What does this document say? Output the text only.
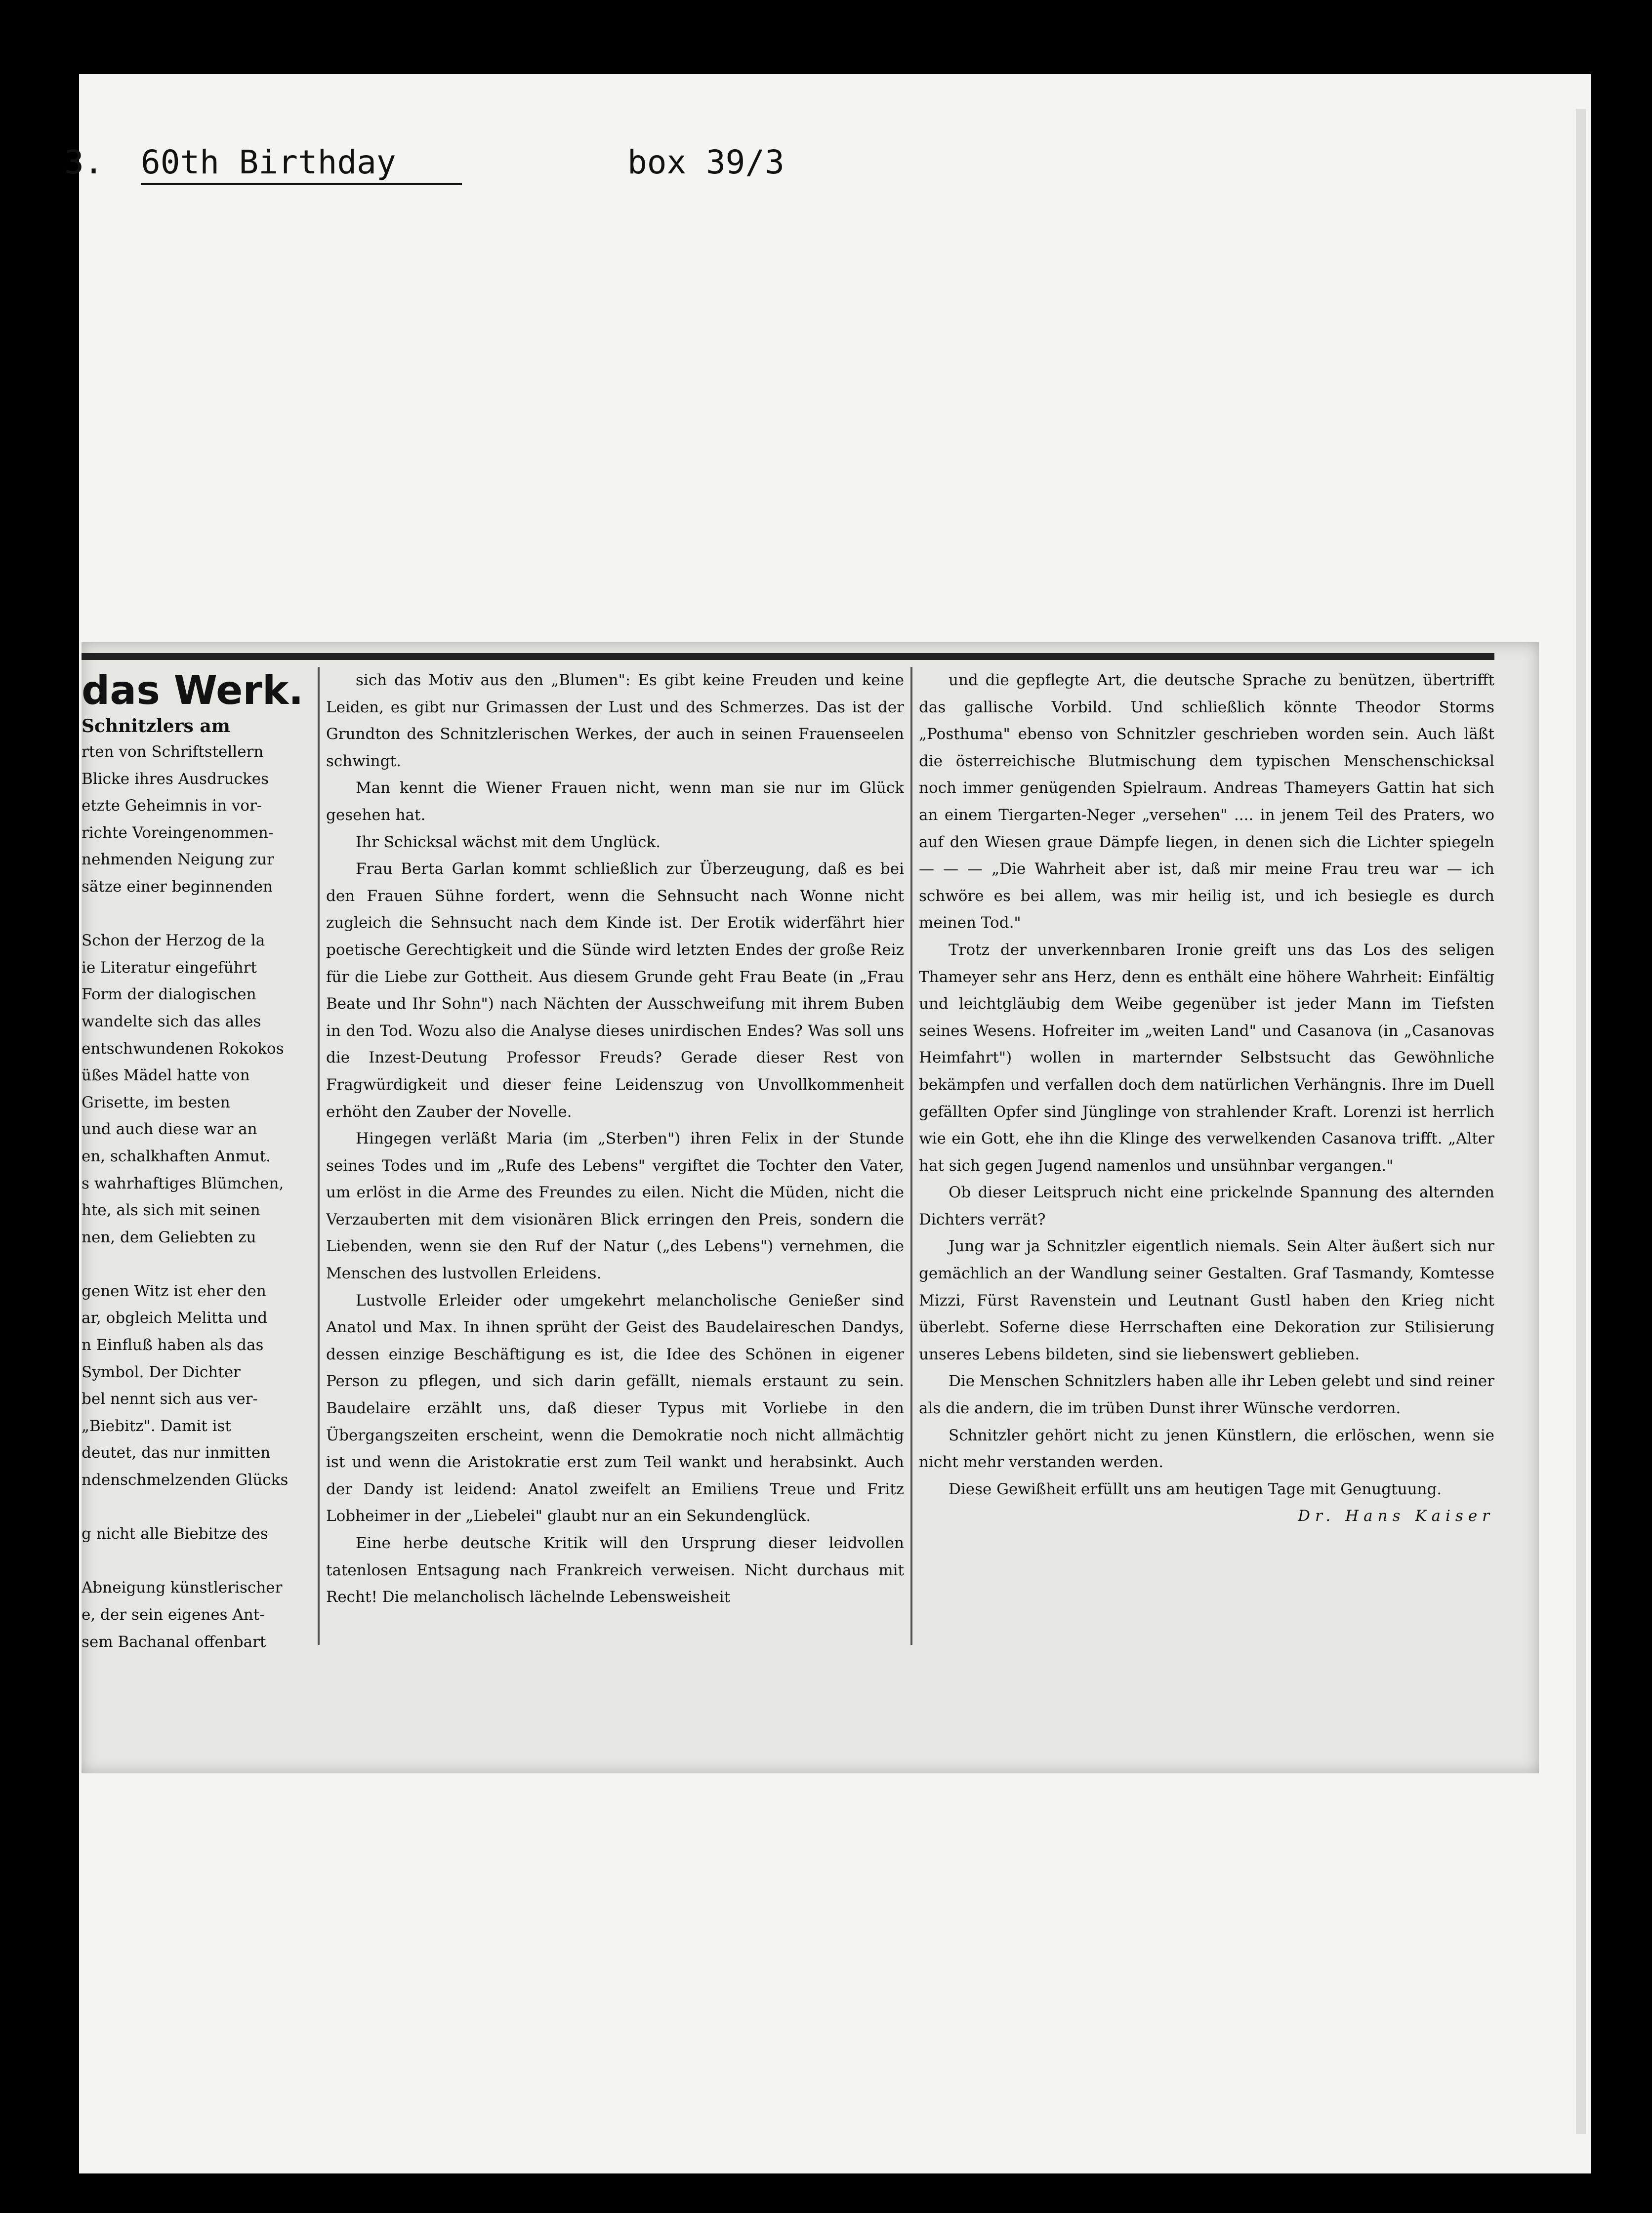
3.

60th Birthday

	box 39/3

das Werk.

Schnitzlers am

rten von Schriftstellern

Blicke ihres Ausdruckes

etzte Geheimnis in vor-

richte Voreingenommen-

nehmenden Neigung zur

sätze einer beginnenden

Schon der Herzog de la

ie Literatur eingeführt

Form der dialogischen

wandelte sich das alles

entschwundenen Rokokos

üßes Mädel hatte von

Grisette, im besten

und auch diese war an

en, schalkhaften Anmut.

s wahrhaftiges Blümchen,

hte, als sich mit seinen

nen, dem Geliebten zu

genen Witz ist eher den

ar, obgleich Melitta und

n Einfluß haben als das

Symbol. Der Dichter

bel nennt sich aus ver-

„Biebitz". Damit ist

deutet, das nur inmitten

ndenschmelzenden Glücks

g nicht alle Biebitze des

Abneigung künstlerischer

e, der sein eigenes Ant-

sem Bachanal offenbart

sich das Motiv aus den „Blumen": Es gibt keine Freuden und keine Leiden, es gibt nur Grimassen der Lust und des Schmerzes. Das ist der Grundton des Schnitzlerischen Werkes, der auch in seinen Frauenseelen schwingt.

Man kennt die Wiener Frauen nicht, wenn man sie nur im Glück gesehen hat.

Ihr Schicksal wächst mit dem Unglück.

Frau Berta Garlan kommt schließlich zur Überzeugung, daß es bei den Frauen Sühne fordert, wenn die Sehnsucht nach Wonne nicht zugleich die Sehnsucht nach dem Kinde ist. Der Erotik widerfährt hier poetische Gerechtigkeit und die Sünde wird letzten Endes der große Reiz für die Liebe zur Gottheit. Aus diesem Grunde geht Frau Beate (in „Frau Beate und Ihr Sohn") nach Nächten der Ausschweifung mit ihrem Buben in den Tod. Wozu also die Analyse dieses unirdischen Endes? Was soll uns die Inzest-Deutung Professor Freuds? Gerade dieser Rest von Fragwürdigkeit und dieser feine Leidenszug von Unvollkommenheit erhöht den Zauber der Novelle.

Hingegen verläßt Maria (im „Sterben") ihren Felix in der Stunde seines Todes und im „Rufe des Lebens" vergiftet die Tochter den Vater, um erlöst in die Arme des Freundes zu eilen. Nicht die Müden, nicht die Verzauberten mit dem visionären Blick erringen den Preis, sondern die Liebenden, wenn sie den Ruf der Natur („des Lebens") vernehmen, die Menschen des lustvollen Erleidens.

Lustvolle Erleider oder umgekehrt melancholische Genießer sind Anatol und Max. In ihnen sprüht der Geist des Baudelaireschen Dandys, dessen einzige Beschäftigung es ist, die Idee des Schönen in eigener Person zu pflegen, und sich darin gefällt, niemals erstaunt zu sein. Baudelaire erzählt uns, daß dieser Typus mit Vorliebe in den Übergangszeiten erscheint, wenn die Demokratie noch nicht allmächtig ist und wenn die Aristokratie erst zum Teil wankt und herabsinkt. Auch der Dandy ist leidend: Anatol zweifelt an Emiliens Treue und Fritz Lobheimer in der „Liebelei" glaubt nur an ein Sekundenglück.

Eine herbe deutsche Kritik will den Ursprung dieser leidvollen tatenlosen Entsagung nach Frankreich verweisen. Nicht durchaus mit Recht! Die melancholisch lächelnde Lebensweisheit

und die gepflegte Art, die deutsche Sprache zu benützen, übertrifft das gallische Vorbild. Und schließlich könnte Theodor Storms „Posthuma" ebenso von Schnitzler geschrieben worden sein. Auch läßt die österreichische Blutmischung dem typischen Menschenschicksal noch immer genügenden Spielraum. Andreas Thameyers Gattin hat sich an einem Tiergarten-Neger „versehen" .... in jenem Teil des Praters, wo auf den Wiesen graue Dämpfe liegen, in denen sich die Lichter spiegeln — — — „Die Wahrheit aber ist, daß mir meine Frau treu war — ich schwöre es bei allem, was mir heilig ist, und ich besiegle es durch meinen Tod."

Trotz der unverkennbaren Ironie greift uns das Los des seligen Thameyer sehr ans Herz, denn es enthält eine höhere Wahrheit: Einfältig und leichtgläubig dem Weibe gegenüber ist jeder Mann im Tiefsten seines Wesens. Hofreiter im „weiten Land" und Casanova (in „Casanovas Heimfahrt") wollen in marternder Selbstsucht das Gewöhnliche bekämpfen und verfallen doch dem natürlichen Verhängnis. Ihre im Duell gefällten Opfer sind Jünglinge von strahlender Kraft. Lorenzi ist herrlich wie ein Gott, ehe ihn die Klinge des verwelkenden Casanova trifft. „Alter hat sich gegen Jugend namenlos und unsühnbar vergangen."

Ob dieser Leitspruch nicht eine prickelnde Spannung des alternden Dichters verrät?

Jung war ja Schnitzler eigentlich niemals. Sein Alter äußert sich nur gemächlich an der Wandlung seiner Gestalten. Graf Tasmandy, Komtesse Mizzi, Fürst Ravenstein und Leutnant Gustl haben den Krieg nicht überlebt. Soferne diese Herrschaften eine Dekoration zur Stilisierung unseres Lebens bildeten, sind sie liebenswert geblieben.

Die Menschen Schnitzlers haben alle ihr Leben gelebt und sind reiner als die andern, die im trüben Dunst ihrer Wünsche verdorren.

Schnitzler gehört nicht zu jenen Künstlern, die erlöschen, wenn sie nicht mehr verstanden werden.

Diese Gewißheit erfüllt uns am heutigen Tage mit Genugtuung.

Dr. Hans Kaiser
